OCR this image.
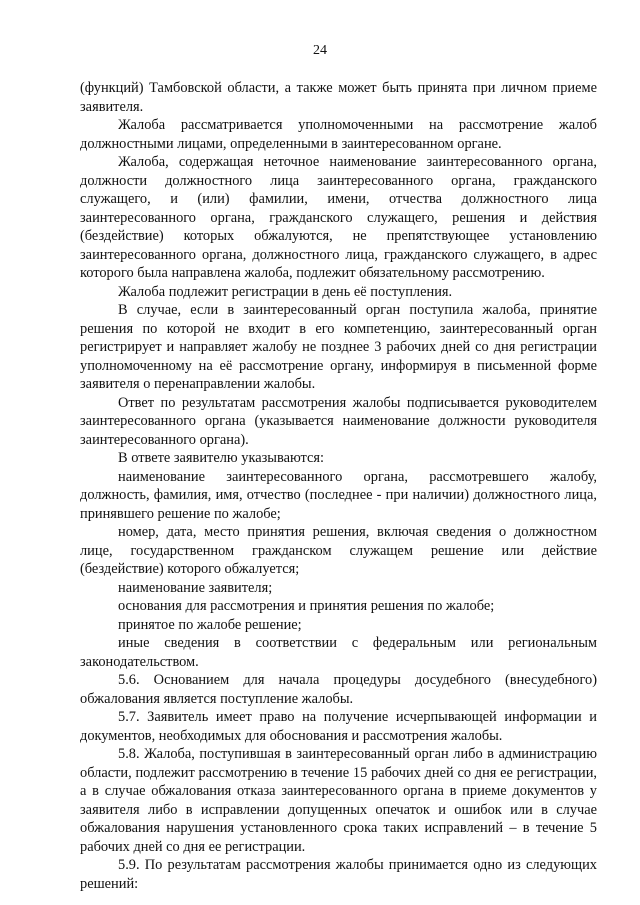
24

(функций) Тамбовской области, а также может быть принята при личном приеме заявителя.

Жалоба рассматривается уполномоченными на рассмотрение жалоб должностными лицами, определенными в заинтересованном органе.

Жалоба, содержащая неточное наименование заинтересованного органа, должности должностного лица заинтересованного органа, гражданского служащего, и (или) фамилии, имени, отчества должностного лица заинтересованного органа, гражданского служащего, решения и действия (бездействие) которых обжалуются, не препятствующее установлению заинтересованного органа, должностного лица, гражданского служащего, в адрес которого была направлена жалоба, подлежит обязательному рассмотрению.

Жалоба подлежит регистрации в день её поступления.

В случае, если в заинтересованный орган поступила жалоба, принятие решения по которой не входит в его компетенцию, заинтересованный орган регистрирует и направляет жалобу не позднее 3 рабочих дней со дня регистрации уполномоченному на её рассмотрение органу, информируя в письменной форме заявителя о перенаправлении жалобы.

Ответ по результатам рассмотрения жалобы подписывается руководителем заинтересованного органа (указывается наименование должности руководителя заинтересованного органа).

В ответе заявителю указываются:

наименование заинтересованного органа, рассмотревшего жалобу, должность, фамилия, имя, отчество (последнее - при наличии) должностного лица, принявшего решение по жалобе;

номер, дата, место принятия решения, включая сведения о должностном лице, государственном гражданском служащем решение или действие (бездействие) которого обжалуется;

наименование заявителя;

основания для рассмотрения и принятия решения по жалобе;

принятое по жалобе решение;

иные сведения в соответствии с федеральным или региональным законодательством.

5.6. Основанием для начала процедуры досудебного (внесудебного) обжалования является поступление жалобы.

5.7. Заявитель имеет право на получение исчерпывающей информации и документов, необходимых для обоснования и рассмотрения жалобы.

5.8. Жалоба, поступившая в заинтересованный орган либо в администрацию области, подлежит рассмотрению в течение 15 рабочих дней со дня ее регистрации, а в случае обжалования отказа заинтересованного органа в приеме документов у заявителя либо в исправлении допущенных опечаток и ошибок или в случае обжалования нарушения установленного срока таких исправлений – в течение 5 рабочих дней со дня ее регистрации.

5.9. По результатам рассмотрения жалобы принимается одно из следующих решений:
